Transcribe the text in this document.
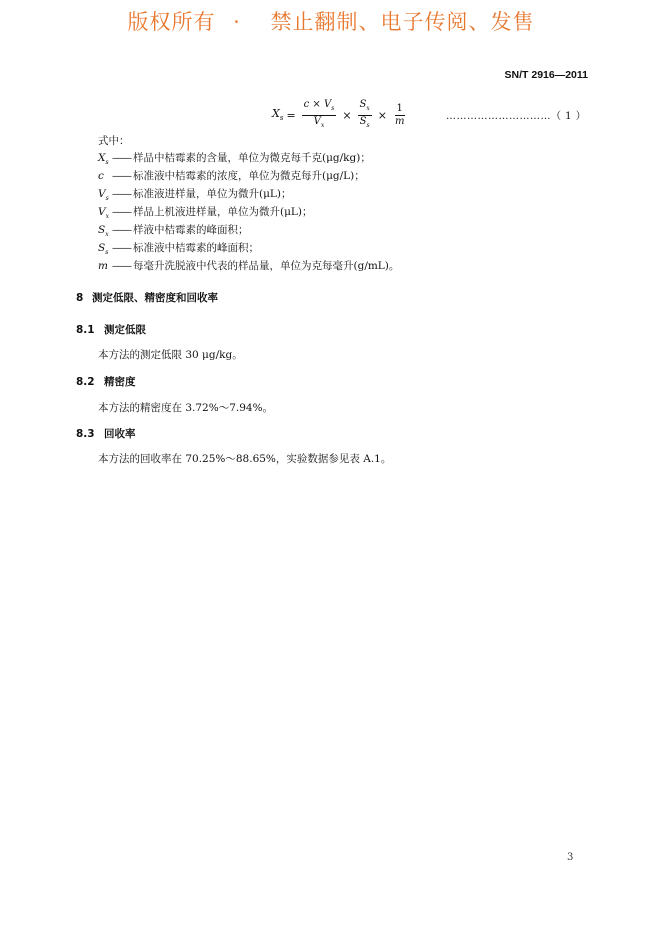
版权所有 · 禁止翻制、电子传阅、发售
SN/T 2916—2011
$X_s = \frac{c \times V_s}{V_x} \times \frac{S_x}{S_s} \times \frac{1}{m}$	…………………………（ 1 ）
式中：
$X_s$ —— 样品中桔霉素的含量，单位为微克每千克(μg/kg)；
c —— 标准液中桔霉素的浓度，单位为微克每升(μg/L)；
$V_s$ —— 标准液进样量，单位为微升(μL)；
$V_x$ —— 样品上机液进样量，单位为微升(μL)；
$S_x$ —— 样液中桔霉素的峰面积；
$S_s$ —— 标准液中桔霉素的峰面积；
m —— 每毫升洗脱液中代表的样品量，单位为克每毫升(g/mL)。
8 测定低限、精密度和回收率
8.1 测定低限
本方法的测定低限 30 μg/kg。
8.2 精密度
本方法的精密度在 3.72%～7.94%。
8.3 回收率
本方法的回收率在 70.25%～88.65%，实验数据参见表 A.1。
3
